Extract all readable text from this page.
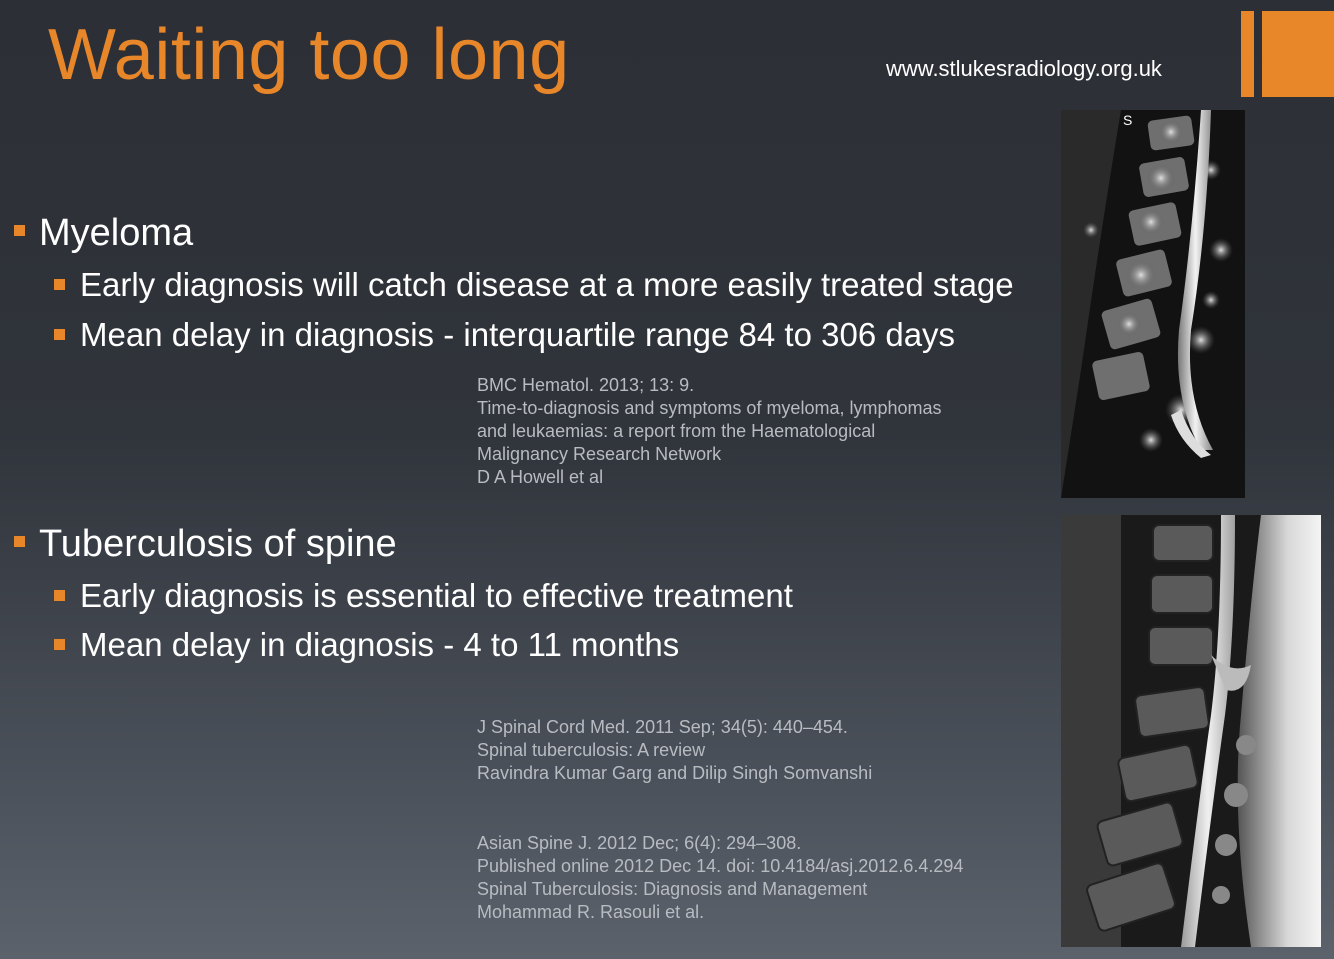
Waiting too long	www.stlukesradiology.org.uk
Myeloma
Early diagnosis will catch disease at a more easily treated stage
Mean delay in diagnosis - interquartile range 84 to 306 days
BMC Hematol. 2013; 13: 9.
Time-to-diagnosis and symptoms of myeloma, lymphomas
and leukaemias: a report from the Haematological
Malignancy Research Network
D A Howell et al
Tuberculosis of spine
Early diagnosis is essential to effective treatment
Mean delay in diagnosis - 4 to 11 months
J Spinal Cord Med. 2011 Sep; 34(5): 440–454.
Spinal tuberculosis: A review
Ravindra Kumar Garg and Dilip Singh Somvanshi
Asian Spine J. 2012 Dec; 6(4): 294–308.
Published online 2012 Dec 14. doi: 10.4184/asj.2012.6.4.294
Spinal Tuberculosis: Diagnosis and Management
Mohammad R. Rasouli et al.
S
